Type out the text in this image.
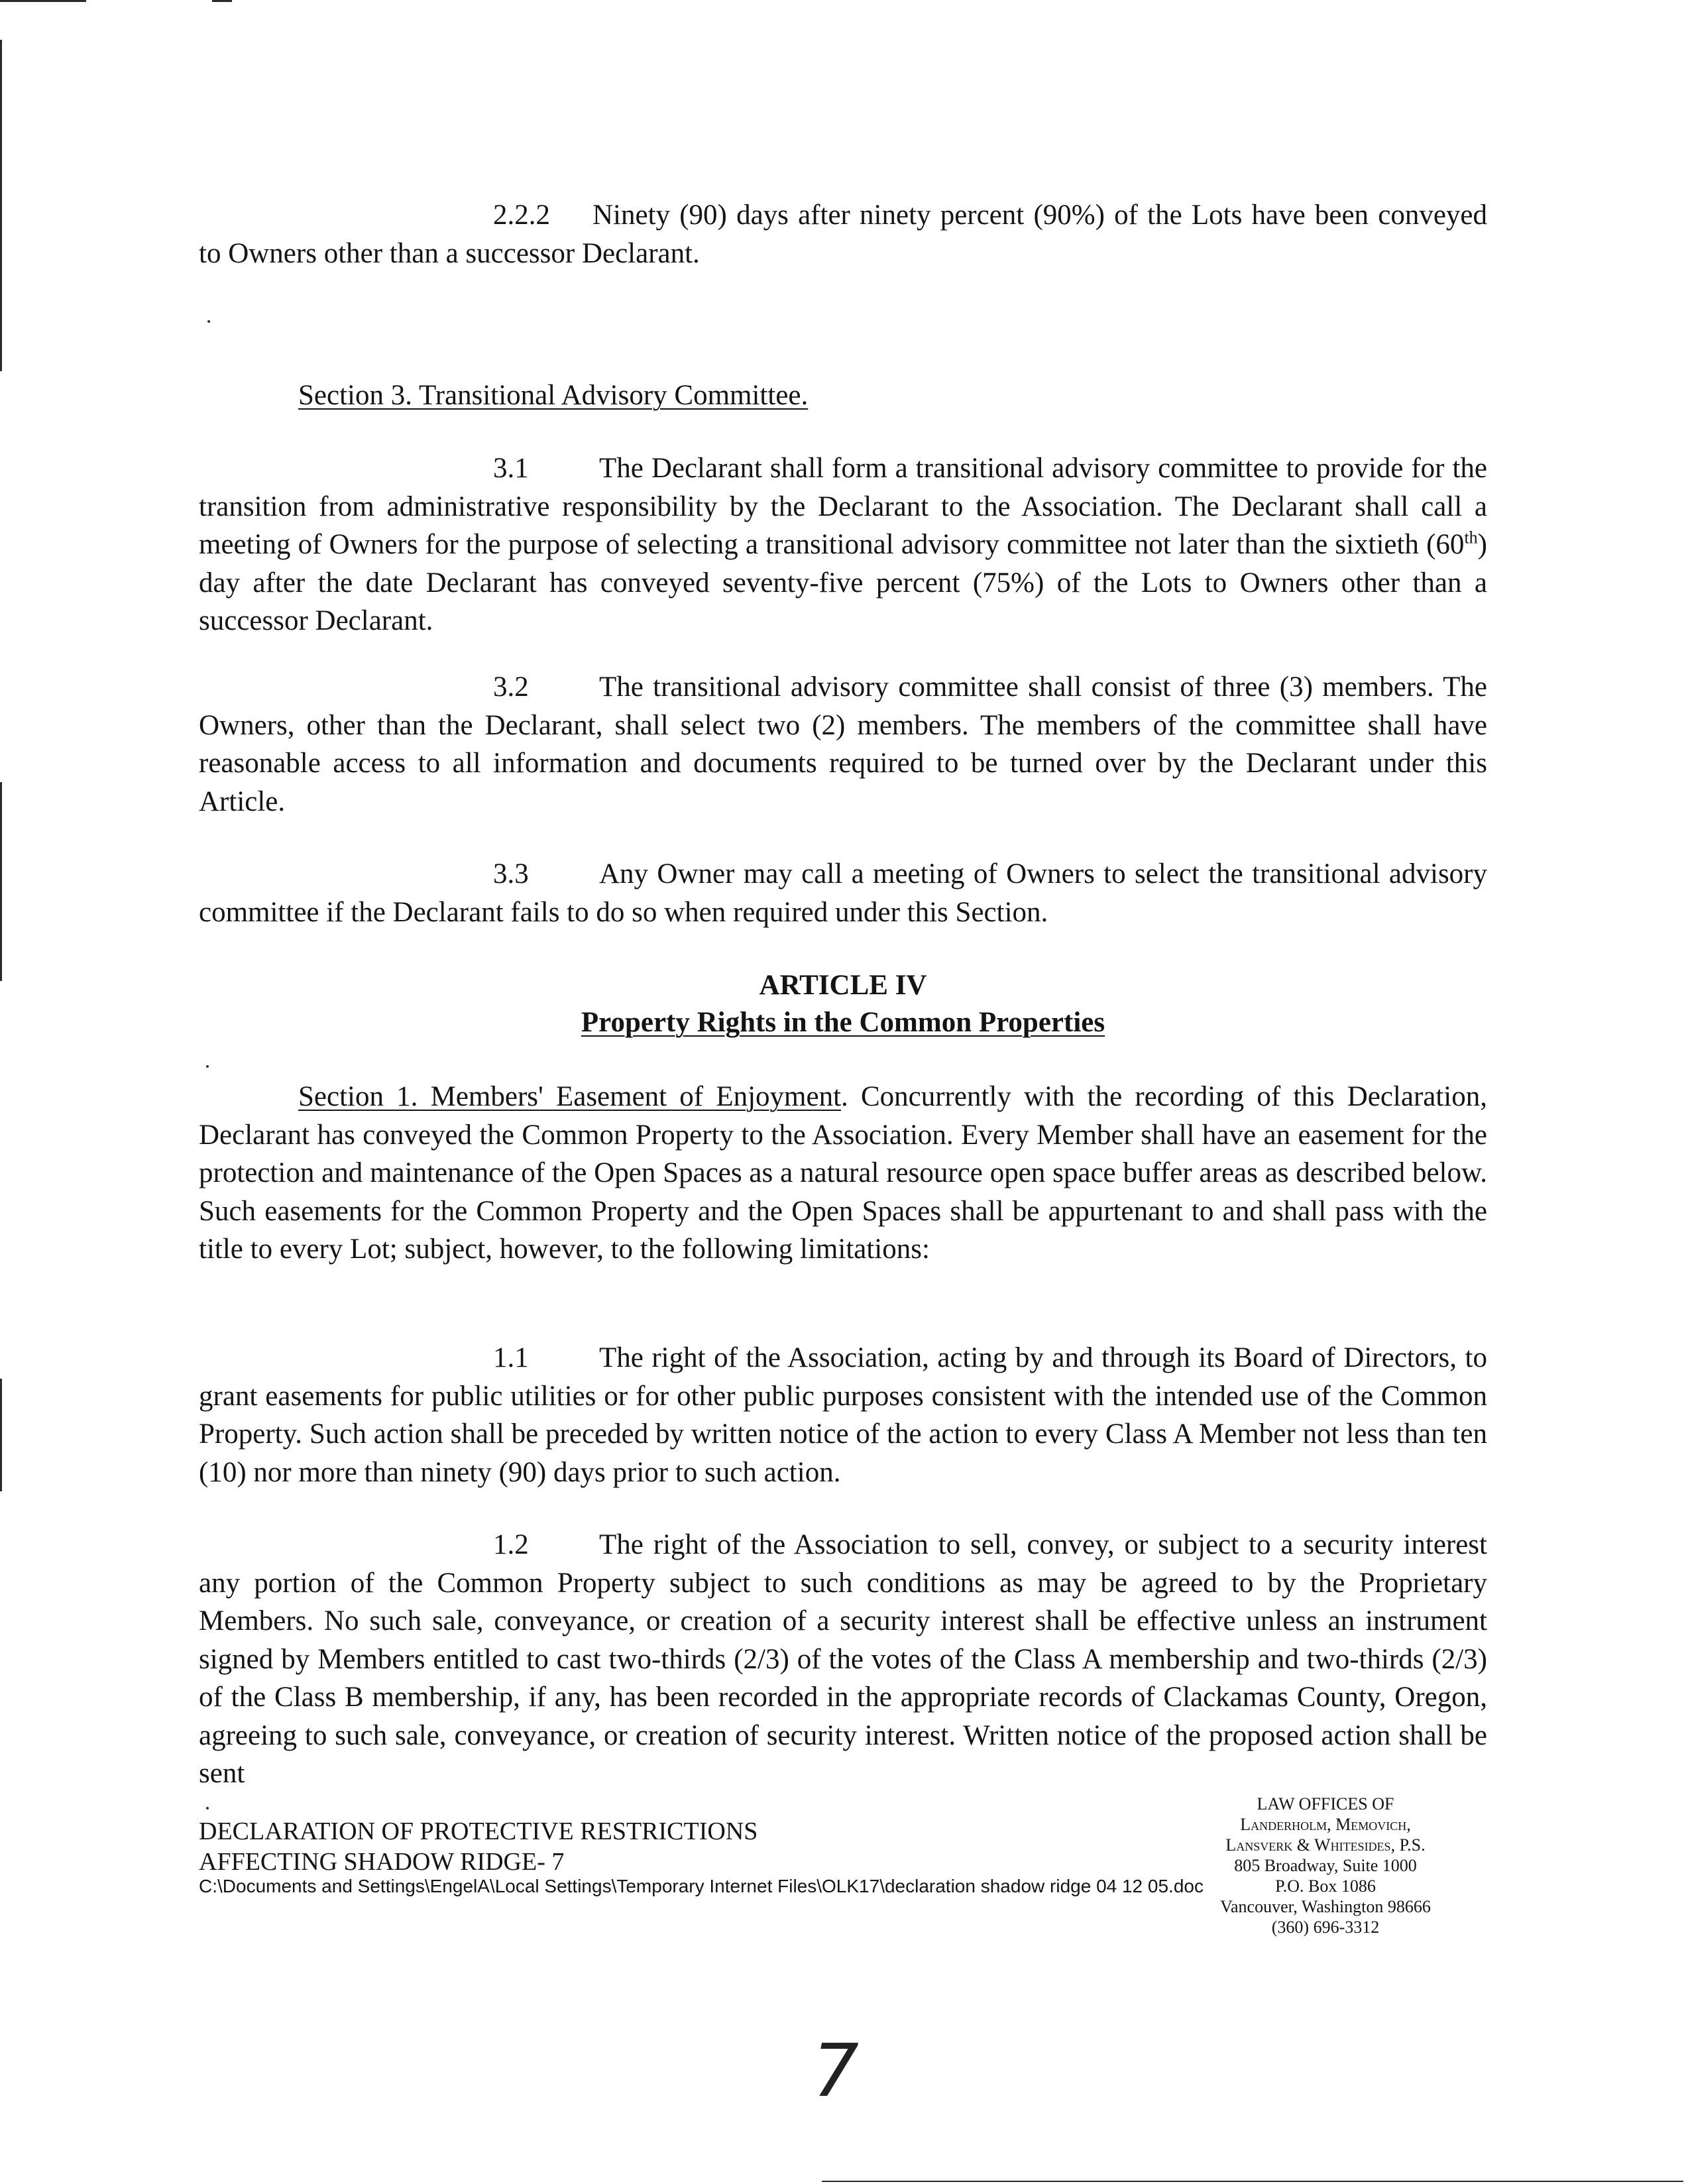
2.2.2 Ninety (90) days after ninety percent (90%) of the Lots have been conveyed to Owners other than a successor Declarant.

Section 3. Transitional Advisory Committee.

3.1 The Declarant shall form a transitional advisory committee to provide for the transition from administrative responsibility by the Declarant to the Association. The Declarant shall call a meeting of Owners for the purpose of selecting a transitional advisory committee not later than the sixtieth (60th) day after the date Declarant has conveyed seventy-five percent (75%) of the Lots to Owners other than a successor Declarant.

3.2 The transitional advisory committee shall consist of three (3) members. The Owners, other than the Declarant, shall select two (2) members. The members of the committee shall have reasonable access to all information and documents required to be turned over by the Declarant under this Article.

3.3 Any Owner may call a meeting of Owners to select the transitional advisory committee if the Declarant fails to do so when required under this Section.

ARTICLE IV

Property Rights in the Common Properties

Section 1. Members' Easement of Enjoyment. Concurrently with the recording of this Declaration, Declarant has conveyed the Common Property to the Association. Every Member shall have an easement for the protection and maintenance of the Open Spaces as a natural resource open space buffer areas as described below. Such easements for the Common Property and the Open Spaces shall be appurtenant to and shall pass with the title to every Lot; subject, however, to the following limitations:

1.1 The right of the Association, acting by and through its Board of Directors, to grant easements for public utilities or for other public purposes consistent with the intended use of the Common Property. Such action shall be preceded by written notice of the action to every Class A Member not less than ten (10) nor more than ninety (90) days prior to such action.

1.2 The right of the Association to sell, convey, or subject to a security interest any portion of the Common Property subject to such conditions as may be agreed to by the Proprietary Members. No such sale, conveyance, or creation of a security interest shall be effective unless an instrument signed by Members entitled to cast two-thirds (2/3) of the votes of the Class A membership and two-thirds (2/3) of the Class B membership, if any, has been recorded in the appropriate records of Clackamas County, Oregon, agreeing to such sale, conveyance, or creation of security interest. Written notice of the proposed action shall be sent

DECLARATION OF PROTECTIVE RESTRICTIONS
AFFECTING SHADOW RIDGE- 7
C:\Documents and Settings\EngelA\Local Settings\Temporary Internet Files\OLK17\declaration shadow ridge 04 12 05.doc
LAW OFFICES OF
Landerholm, Memovich,
Lansverk & Whitesides, P.S.
805 Broadway, Suite 1000
P.O. Box 1086
Vancouver, Washington 98666
(360) 696-3312
7
